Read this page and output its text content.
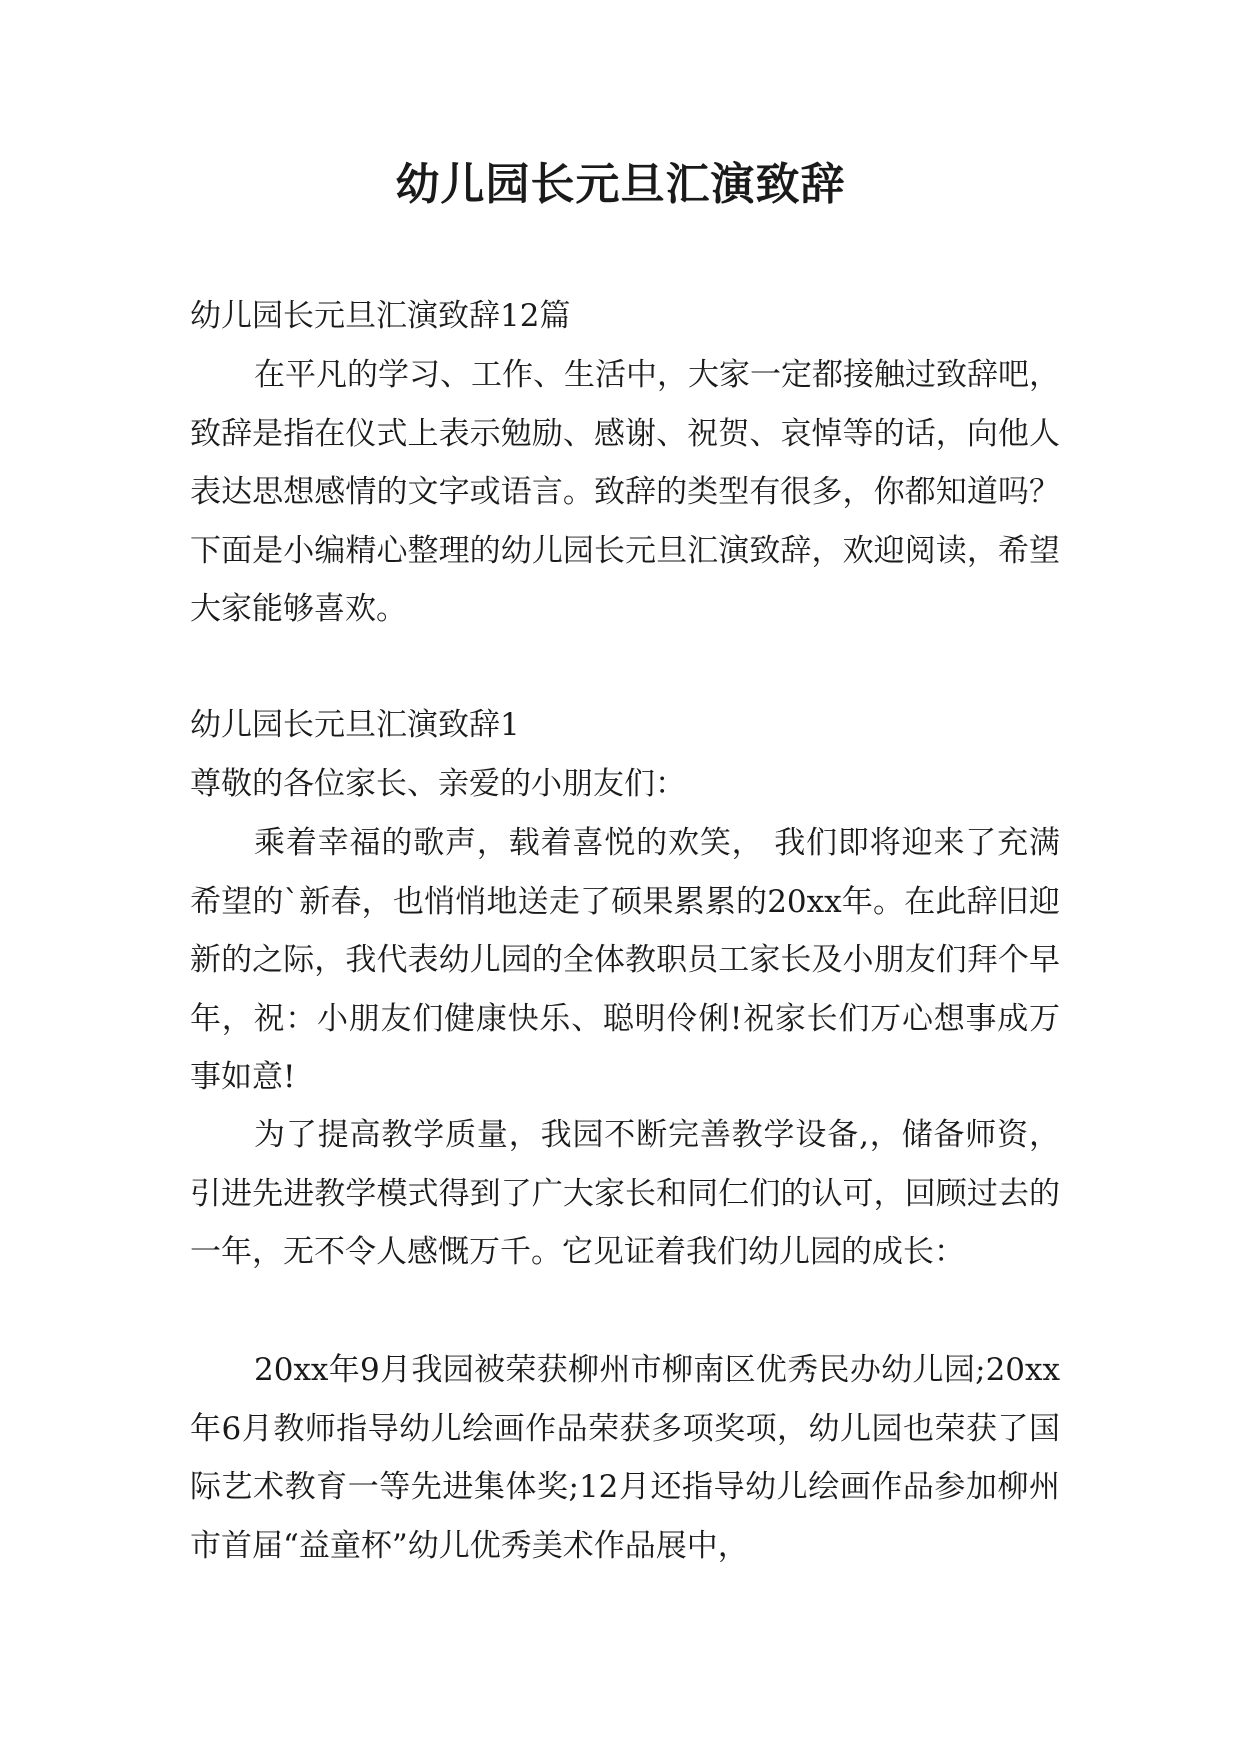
幼儿园长元旦汇演致辞

幼儿园长元旦汇演致辞12篇

在平凡的学习、工作、生活中，大家一定都接触过致辞吧，致辞是指在仪式上表示勉励、感谢、祝贺、哀悼等的话，向他人表达思想感情的文字或语言。致辞的类型有很多，你都知道吗？下面是小编精心整理的幼儿园长元旦汇演致辞，欢迎阅读，希望大家能够喜欢。

幼儿园长元旦汇演致辞1

尊敬的各位家长、亲爱的小朋友们：

乘着幸福的歌声，载着喜悦的欢笑， 我们即将迎来了充满希望的`新春，也悄悄地送走了硕果累累的20xx年。在此辞旧迎新的之际，我代表幼儿园的全体教职员工家长及小朋友们拜个早年，祝：小朋友们健康快乐、聪明伶俐!祝家长们万心想事成万事如意!

为了提高教学质量，我园不断完善教学设备,，储备师资，引进先进教学模式得到了广大家长和同仁们的认可，回顾过去的一年，无不令人感慨万千。它见证着我们幼儿园的成长：

20xx年9月我园被荣获柳州市柳南区优秀民办幼儿园;20xx年6月教师指导幼儿绘画作品荣获多项奖项，幼儿园也荣获了国际艺术教育一等先进集体奖;12月还指导幼儿绘画作品参加柳州市首届“益童杯”幼儿优秀美术作品展中，
